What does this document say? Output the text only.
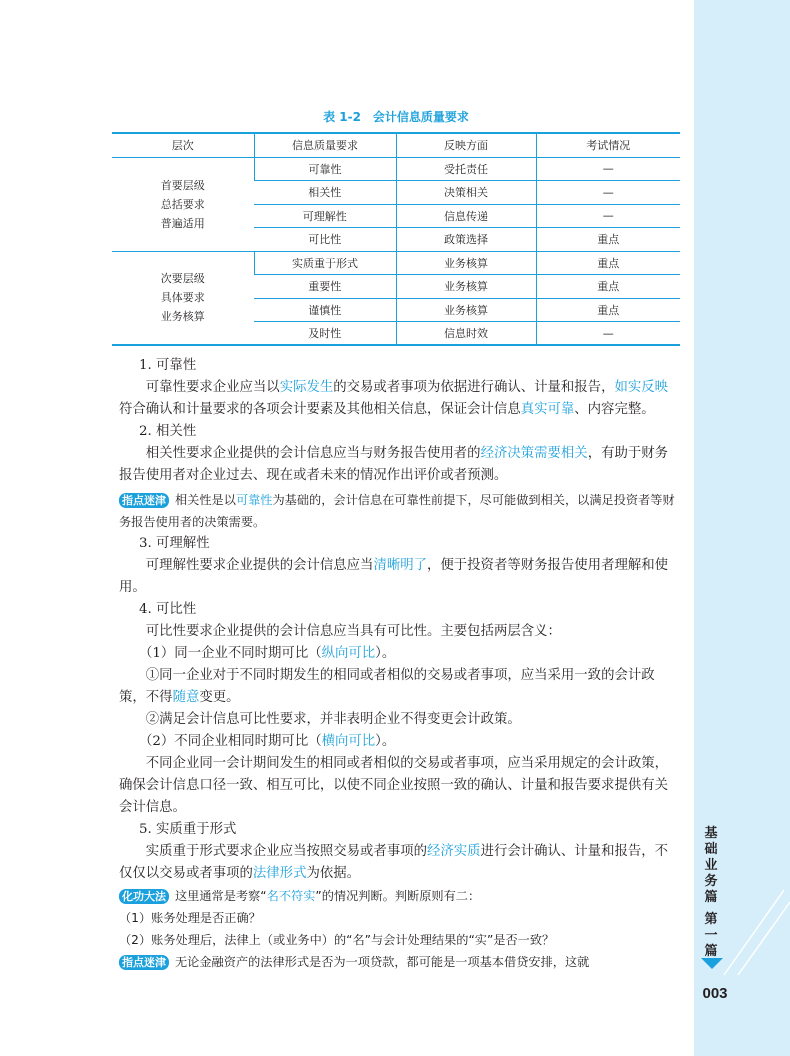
基
础
业
务
篇
第
一
篇
003
表 1-2　会计信息质量要求
层次	信息质量要求	反映方面	考试情况

首要层级
总括要求
普遍适用	可靠性	受托责任	—
	相关性	决策相关	—
	可理解性	信息传递	—
	可比性	政策选择	重点

次要层级
具体要求
业务核算	实质重于形式	业务核算	重点
	重要性	业务核算	重点
	谨慎性	业务核算	重点
	及时性	信息时效	—

1. 可靠性

可靠性要求企业应当以实际发生的交易或者事项为依据进行确认、计量和报告，如实反映符合确认和计量要求的各项会计要素及其他相关信息，保证会计信息真实可靠、内容完整。

2. 相关性

相关性要求企业提供的会计信息应当与财务报告使用者的经济决策需要相关，有助于财务报告使用者对企业过去、现在或者未来的情况作出评价或者预测。

指点迷津 相关性是以可靠性为基础的，会计信息在可靠性前提下，尽可能做到相关，以满足投资者等财务报告使用者的决策需要。

3. 可理解性

可理解性要求企业提供的会计信息应当清晰明了，便于投资者等财务报告使用者理解和使用。

4. 可比性

可比性要求企业提供的会计信息应当具有可比性。主要包括两层含义：

（1）同一企业不同时期可比（纵向可比）。

①同一企业对于不同时期发生的相同或者相似的交易或者事项，应当采用一致的会计政策，不得随意变更。

②满足会计信息可比性要求，并非表明企业不得变更会计政策。

（2）不同企业相同时期可比（横向可比）。

不同企业同一会计期间发生的相同或者相似的交易或者事项，应当采用规定的会计政策，确保会计信息口径一致、相互可比，以使不同企业按照一致的确认、计量和报告要求提供有关会计信息。

5. 实质重于形式

实质重于形式要求企业应当按照交易或者事项的经济实质进行会计确认、计量和报告，不仅仅以交易或者事项的法律形式为依据。

化功大法 这里通常是考察“名不符实”的情况判断。判断原则有二：

（1）账务处理是否正确？

（2）账务处理后，法律上（或业务中）的“名”与会计处理结果的“实”是否一致？

指点迷津 无论金融资产的法律形式是否为一项贷款，都可能是一项基本借贷安排，这就
